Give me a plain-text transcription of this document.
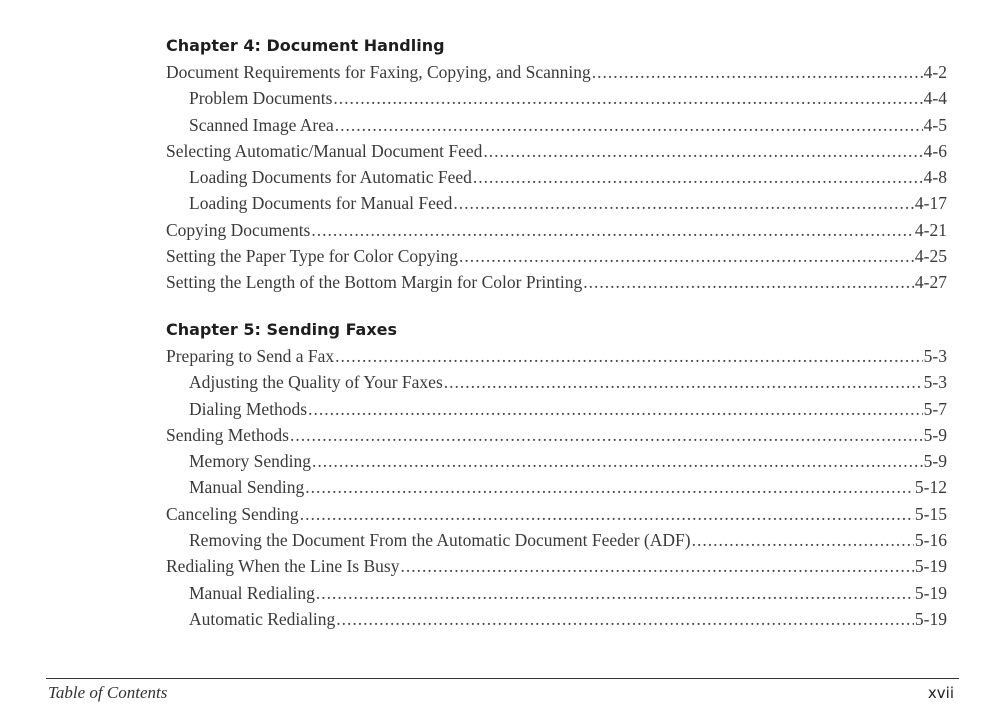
Chapter 4: Document Handling
Document Requirements for Faxing, Copying, and Scanning .....	4-2
Problem Documents .....	4-4
Scanned Image Area .....	4-5
Selecting Automatic/Manual Document Feed .....	4-6
Loading Documents for Automatic Feed .....	4-8
Loading Documents for Manual Feed .....	4-17
Copying Documents .....	4-21
Setting the Paper Type for Color Copying .....	4-25
Setting the Length of the Bottom Margin for Color Printing .....	4-27
Chapter 5: Sending Faxes
Preparing to Send a Fax .....	5-3
Adjusting the Quality of Your Faxes .....	5-3
Dialing Methods .....	5-7
Sending Methods .....	5-9
Memory Sending .....	5-9
Manual Sending .....	5-12
Canceling Sending .....	5-15
Removing the Document From the Automatic Document Feeder (ADF) .....	5-16
Redialing When the Line Is Busy .....	5-19
Manual Redialing .....	5-19
Automatic Redialing .....	5-19
Table of Contents	xvii
